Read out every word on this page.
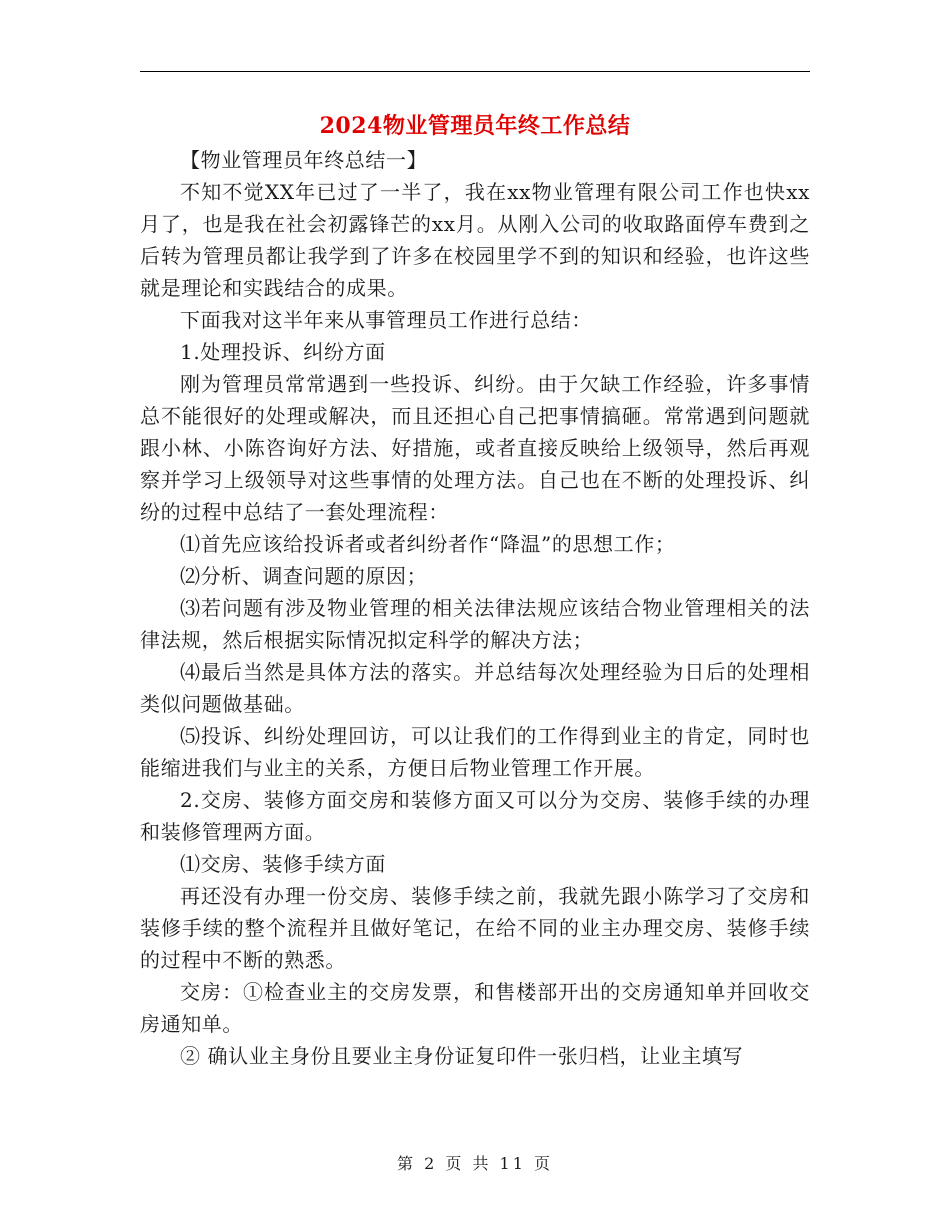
2024物业管理员年终工作总结

【物业管理员年终总结一】

不知不觉XX年已过了一半了，我在xx物业管理有限公司工作也快xx月了，也是我在社会初露锋芒的xx月。从刚入公司的收取路面停车费到之后转为管理员都让我学到了许多在校园里学不到的知识和经验，也许这些就是理论和实践结合的成果。

下面我对这半年来从事管理员工作进行总结：

1.处理投诉、纠纷方面

刚为管理员常常遇到一些投诉、纠纷。由于欠缺工作经验，许多事情总不能很好的处理或解决，而且还担心自己把事情搞砸。常常遇到问题就跟小林、小陈咨询好方法、好措施，或者直接反映给上级领导，然后再观察并学习上级领导对这些事情的处理方法。自己也在不断的处理投诉、纠纷的过程中总结了一套处理流程：

⑴首先应该给投诉者或者纠纷者作“降温”的思想工作；

⑵分析、调查问题的原因；

⑶若问题有涉及物业管理的相关法律法规应该结合物业管理相关的法律法规，然后根据实际情况拟定科学的解决方法；

⑷最后当然是具体方法的落实。并总结每次处理经验为日后的处理相类似问题做基础。

⑸投诉、纠纷处理回访，可以让我们的工作得到业主的肯定，同时也能缩进我们与业主的关系，方便日后物业管理工作开展。

2.交房、装修方面交房和装修方面又可以分为交房、装修手续的办理和装修管理两方面。

⑴交房、装修手续方面

再还没有办理一份交房、装修手续之前，我就先跟小陈学习了交房和装修手续的整个流程并且做好笔记，在给不同的业主办理交房、装修手续的过程中不断的熟悉。

交房：①检查业主的交房发票，和售楼部开出的交房通知单并回收交房通知单。

② 确认业主身份且要业主身份证复印件一张归档，让业主填写

第 2 页 共 11 页
